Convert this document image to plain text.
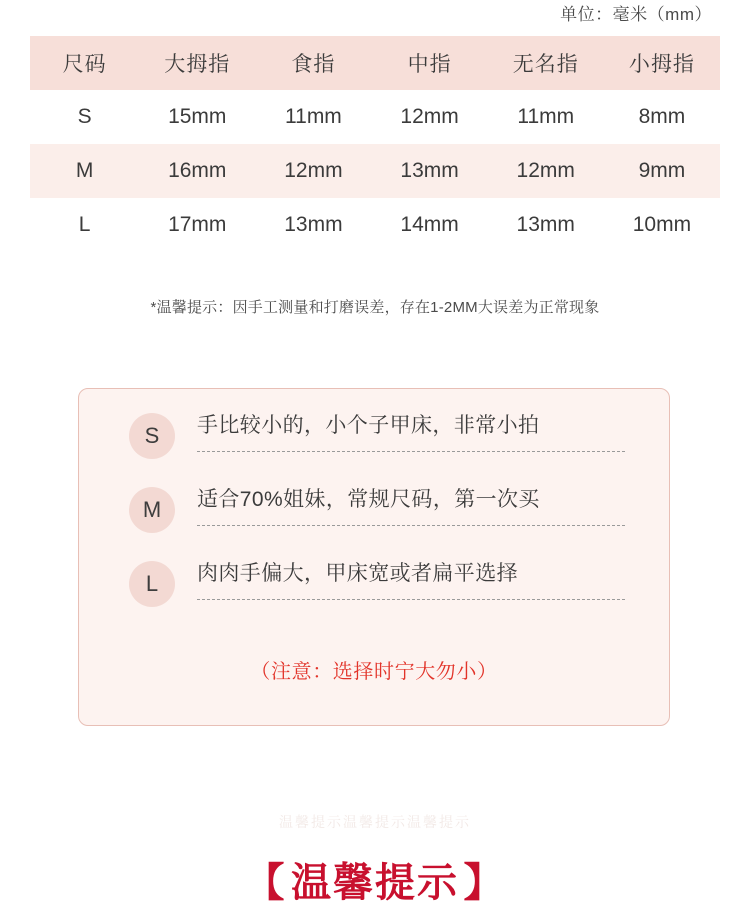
单位：毫米（mm）
尺码	大拇指	食指	中指	无名指	小拇指
S	15mm	11mm	12mm	11mm	8mm
M	16mm	12mm	13mm	12mm	9mm
L	17mm	13mm	14mm	13mm	10mm
*温馨提示：因手工测量和打磨误差，存在1-2MM大误差为正常现象
S	手比较小的，小个子甲床，非常小拍
M	适合70%姐妹，常规尺码，第一次买
L	肉肉手偏大，甲床宽或者扁平选择
（注意：选择时宁大勿小）
温馨提示温馨提示温馨提示
【 温馨提示 】
